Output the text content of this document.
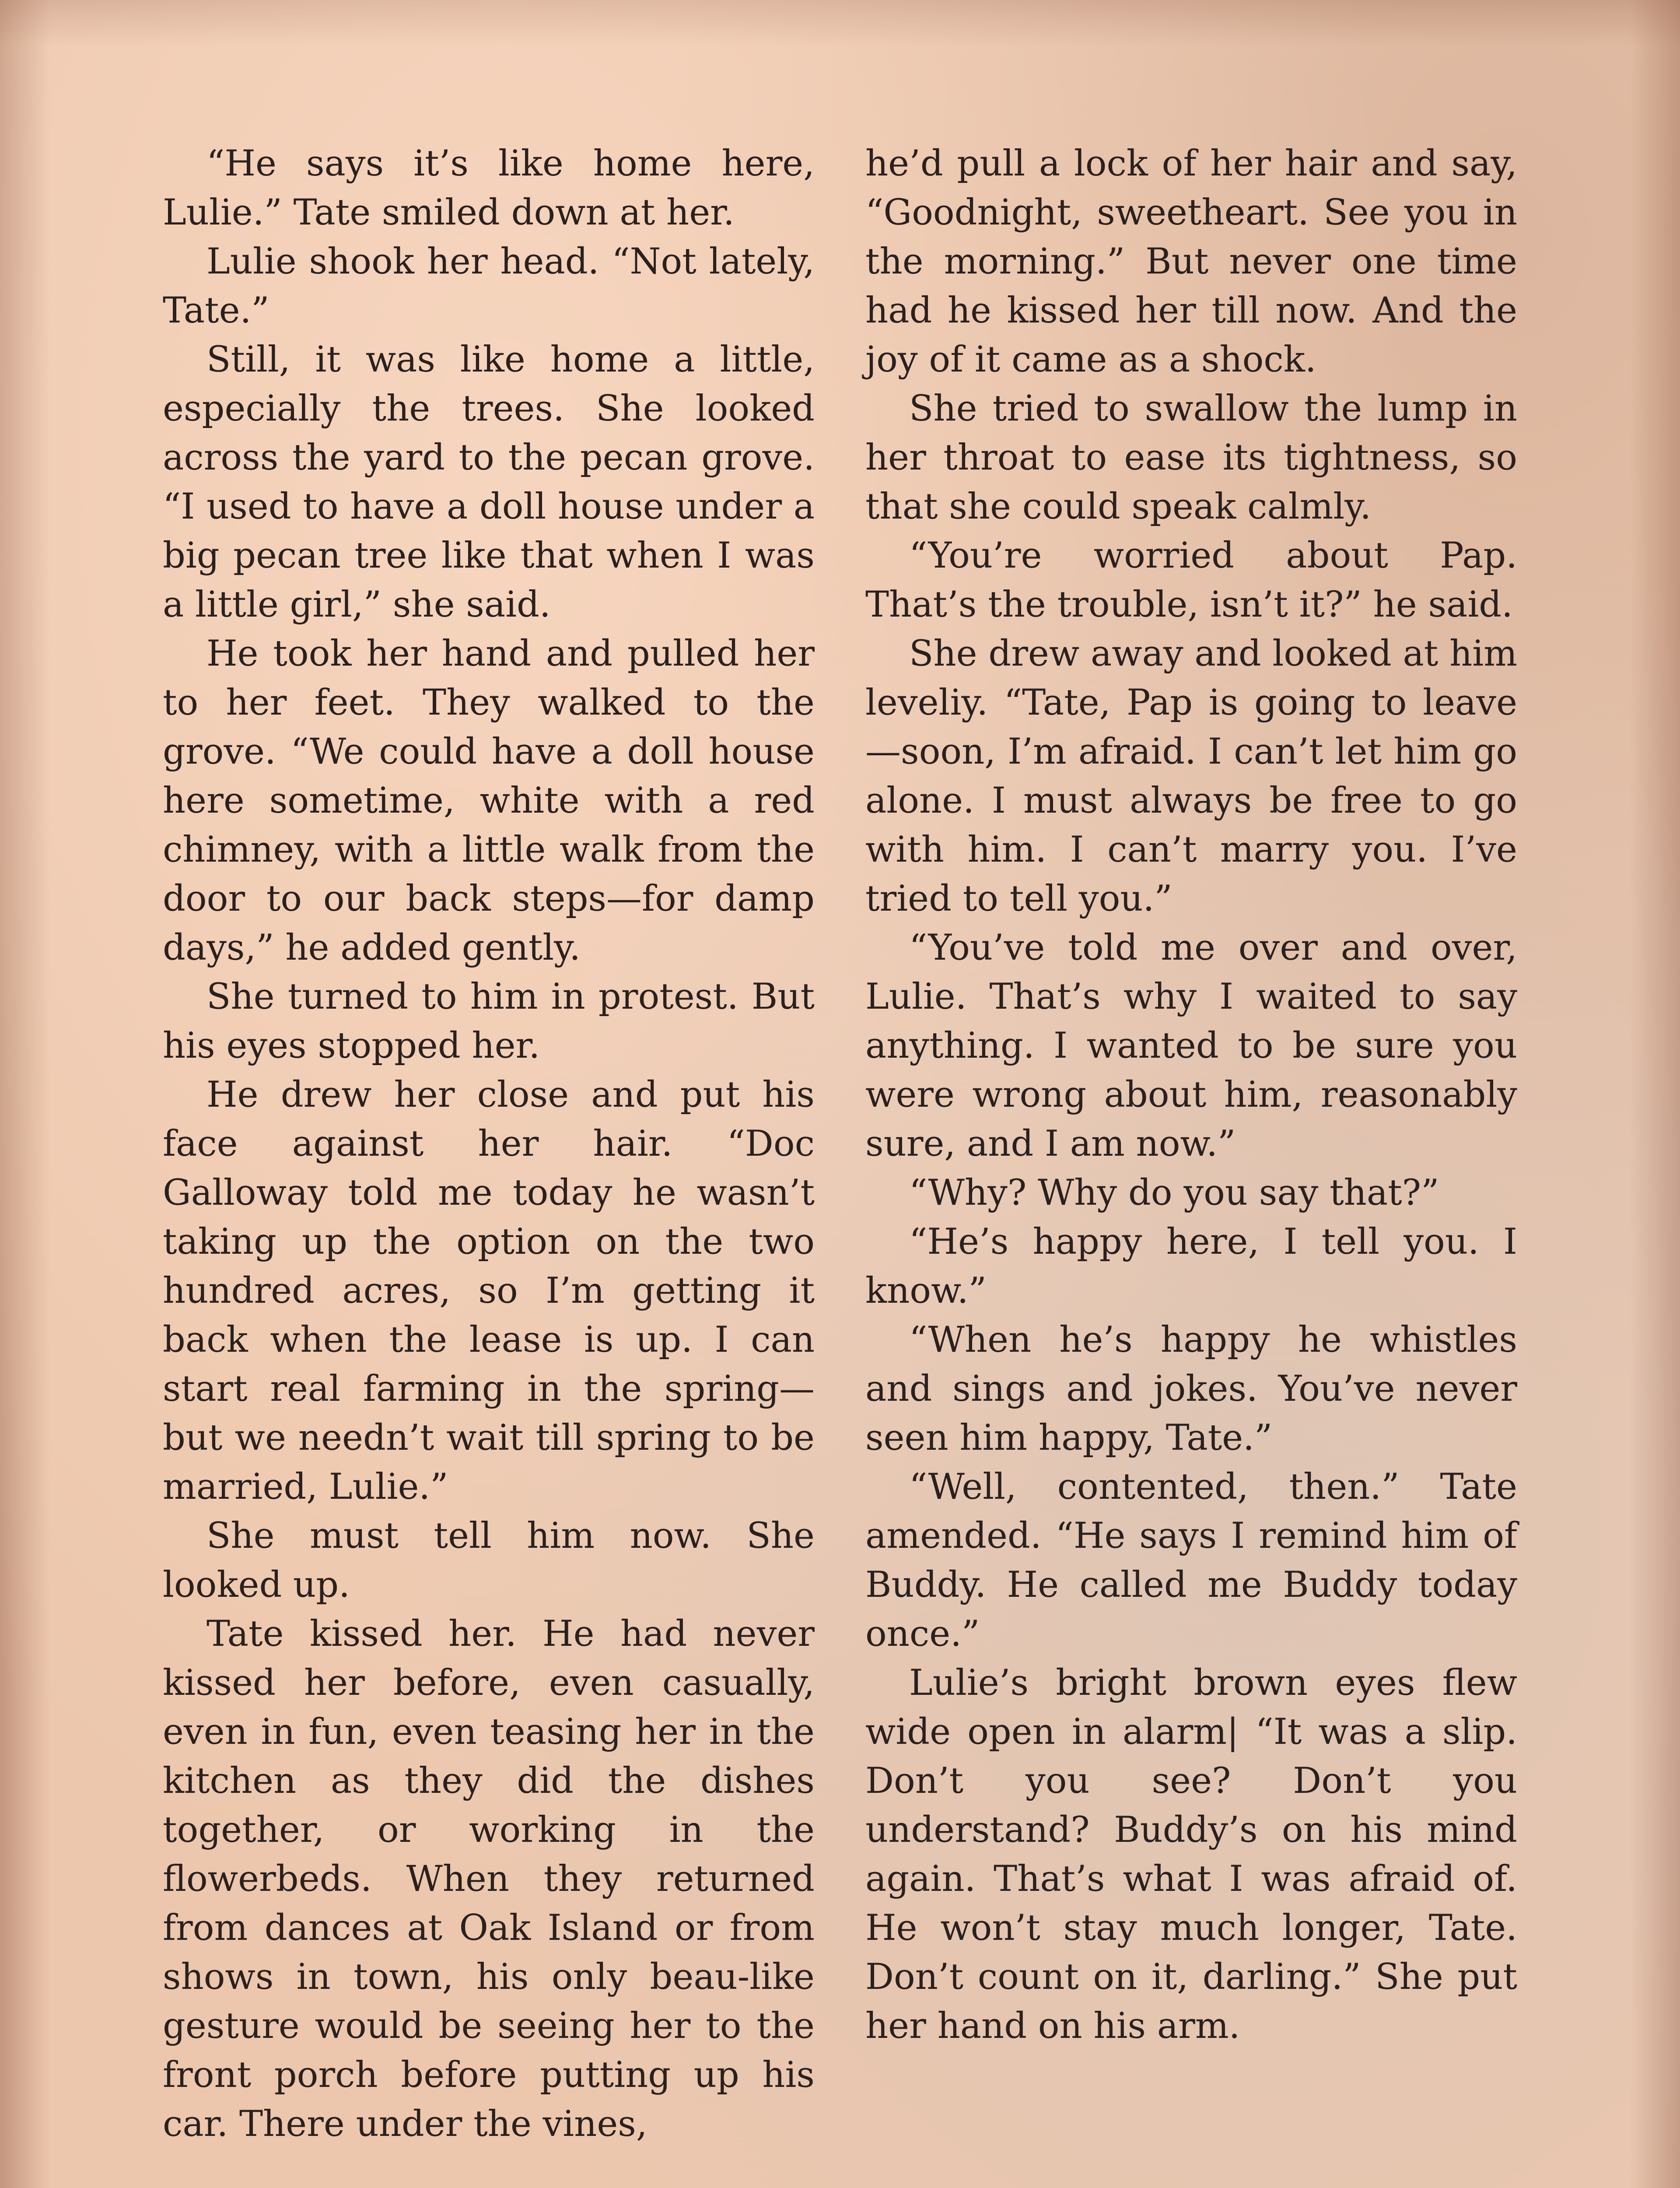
“He says it’s like home here, Lulie.” Tate smiled down at her.

Lulie shook her head. “Not lately, Tate.”

Still, it was like home a little, especially the trees. She looked across the yard to the pecan grove. “I used to have a doll house under a big pecan tree like that when I was a little girl,” she said.

He took her hand and pulled her to her feet. They walked to the grove. “We could have a doll house here sometime, white with a red chimney, with a little walk from the door to our back steps—for damp days,” he added gently.

She turned to him in protest. But his eyes stopped her.

He drew her close and put his face against her hair. “Doc Galloway told me today he wasn’t taking up the option on the two hundred acres, so I’m getting it back when the lease is up. I can start real farming in the spring—but we needn’t wait till spring to be married, Lulie.”

She must tell him now. She looked up.

Tate kissed her. He had never kissed her before, even casually, even in fun, even teasing her in the kitchen as they did the dishes together, or working in the flowerbeds. When they returned from dances at Oak Island or from shows in town, his only beau-like gesture would be seeing her to the front porch before putting up his car. There under the vines,

he’d pull a lock of her hair and say, “Goodnight, sweetheart. See you in the morning.” But never one time had he kissed her till now. And the joy of it came as a shock.

She tried to swallow the lump in her throat to ease its tightness, so that she could speak calmly.

“You’re worried about Pap. That’s the trouble, isn’t it?” he said.

She drew away and looked at him leveliy. “Tate, Pap is going to leave—soon, I’m afraid. I can’t let him go alone. I must always be free to go with him. I can’t marry you. I’ve tried to tell you.”

“You’ve told me over and over, Lulie. That’s why I waited to say anything. I wanted to be sure you were wrong about him, reasonably sure, and I am now.”

“Why? Why do you say that?”

“He’s happy here, I tell you. I know.”

“When he’s happy he whistles and sings and jokes. You’ve never seen him happy, Tate.”

“Well, contented, then.” Tate amended. “He says I remind him of Buddy. He called me Buddy today once.”

Lulie’s bright brown eyes flew wide open in alarm| “It was a slip. Don’t you see? Don’t you understand? Buddy’s on his mind again. That’s what I was afraid of. He won’t stay much longer, Tate. Don’t count on it, darling.” She put her hand on his arm.
